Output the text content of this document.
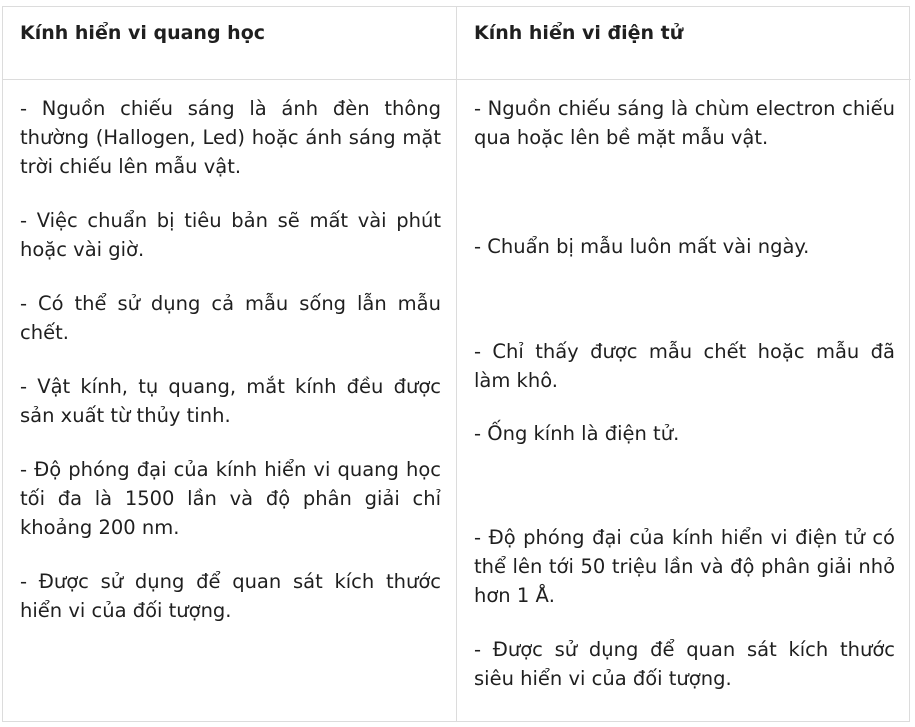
Kính hiển vi quang học	Kính hiển vi điện tử

- Nguồn chiếu sáng là ánh đèn thông thường (Hallogen, Led) hoặc ánh sáng mặt trời chiếu lên mẫu vật.

- Việc chuẩn bị tiêu bản sẽ mất vài phút hoặc vài giờ.

- Có thể sử dụng cả mẫu sống lẫn mẫu chết.

- Vật kính, tụ quang, mắt kính đều được sản xuất từ thủy tinh.

- Độ phóng đại của kính hiển vi quang học tối đa là 1500 lần và độ phân giải chỉ khoảng 200 nm.

- Được sử dụng để quan sát kích thước hiển vi của đối tượng.

- Nguồn chiếu sáng là chùm electron chiếu qua hoặc lên bề mặt mẫu vật.

- Chuẩn bị mẫu luôn mất vài ngày.

- Chỉ thấy được mẫu chết hoặc mẫu đã làm khô.

- Ống kính là điện tử.

- Độ phóng đại của kính hiển vi điện tử có thể lên tới 50 triệu lần và độ phân giải nhỏ hơn 1 Å.

- Được sử dụng để quan sát kích thước siêu hiển vi của đối tượng.
